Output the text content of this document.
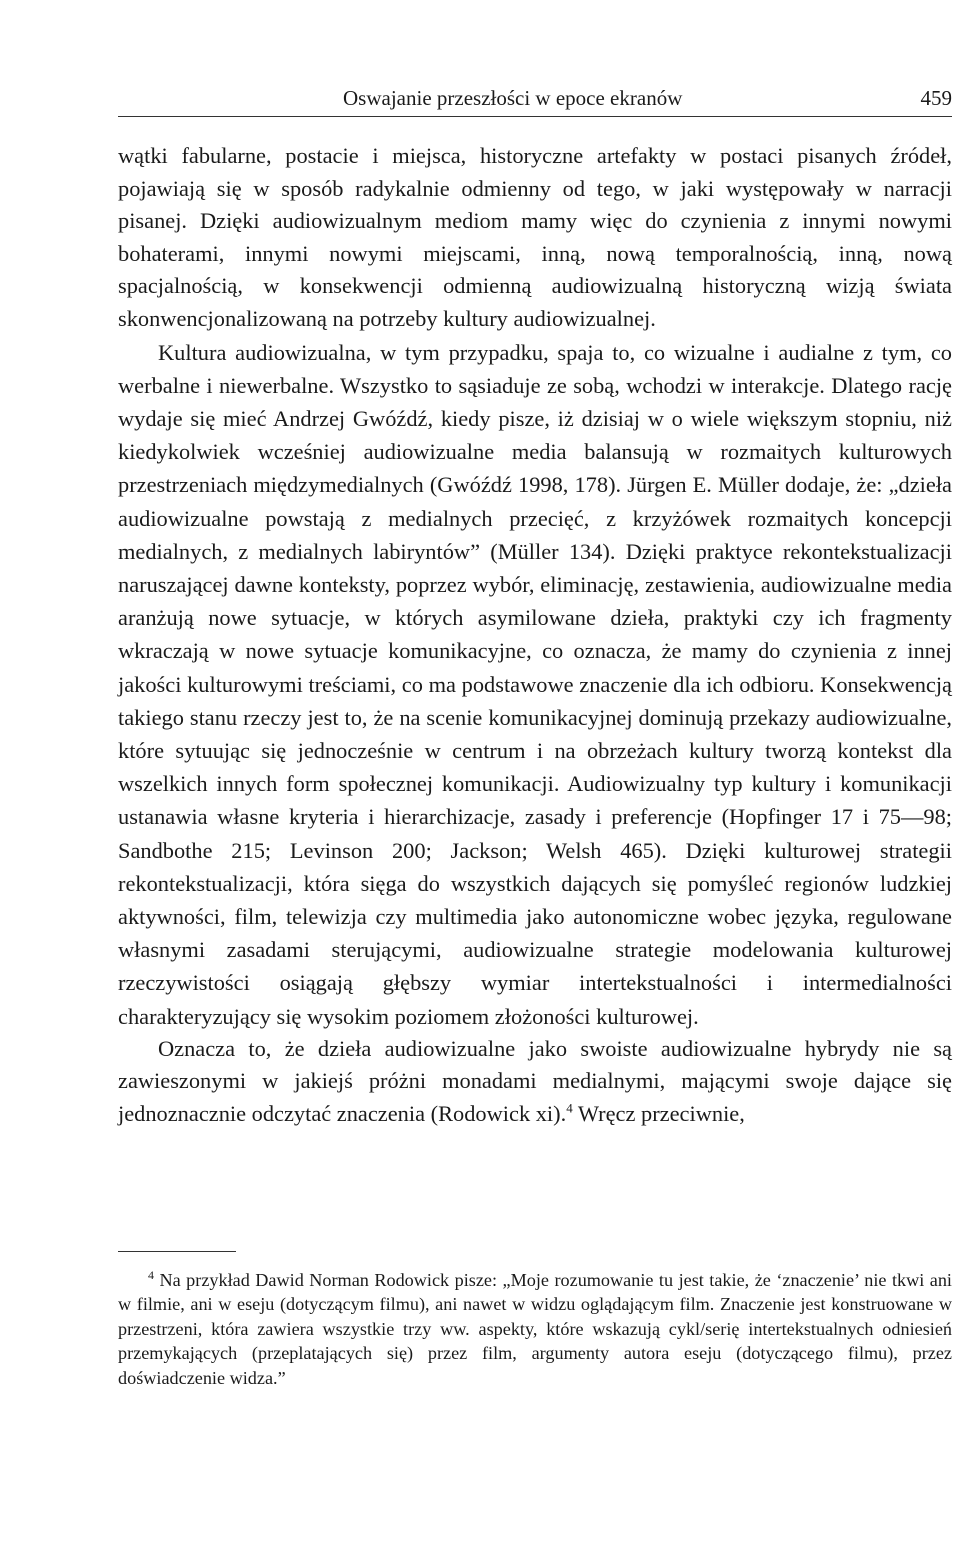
Oswajanie przeszłości w epoce ekranów	459

wątki fabularne, postacie i miejsca, historyczne artefakty w postaci pisanych źródeł, pojawiają się w sposób radykalnie odmienny od tego, w jaki występowały w narracji pisanej. Dzięki audiowizualnym mediom mamy więc do czynienia z innymi nowymi bohaterami, innymi nowymi miejscami, inną, nową temporalnością, inną, nową spacjalnością, w konsekwencji odmienną audiowizualną historyczną wizją świata skonwencjonalizowaną na potrzeby kultury audiowizualnej.

Kultura audiowizualna, w tym przypadku, spaja to, co wizualne i audialne z tym, co werbalne i niewerbalne. Wszystko to sąsiaduje ze sobą, wchodzi w interakcje. Dlatego rację wydaje się mieć Andrzej Gwóźdź, kiedy pisze, iż dzisiaj w o wiele większym stopniu, niż kiedykolwiek wcześniej audiowizualne media balansują w rozmaitych kulturowych przestrzeniach międzymedialnych (Gwóźdź 1998, 178). Jürgen E. Müller dodaje, że: „dzieła audiowizualne powstają z medialnych przecięć, z krzyżówek rozmaitych koncepcji medialnych, z medialnych labiryntów” (Müller 134). Dzięki praktyce rekontekstualizacji naruszającej dawne konteksty, poprzez wybór, eliminację, zestawienia, audiowizualne media aranżują nowe sytuacje, w których asymilowane dzieła, praktyki czy ich fragmenty wkraczają w nowe sytuacje komunikacyjne, co oznacza, że mamy do czynienia z innej jakości kulturowymi treściami, co ma podstawowe znaczenie dla ich odbioru. Konsekwencją takiego stanu rzeczy jest to, że na scenie komunikacyjnej dominują przekazy audiowizualne, które sytuując się jednocześnie w centrum i na obrzeżach kultury tworzą kontekst dla wszelkich innych form społecznej komunikacji. Audiowizualny typ kultury i komunikacji ustanawia własne kryteria i hierarchizacje, zasady i preferencje (Hopfinger 17 i 75—98; Sandbothe 215; Levinson 200; Jackson; Welsh 465). Dzięki kulturowej strategii rekontekstualizacji, która sięga do wszystkich dających się pomyśleć regionów ludzkiej aktywności, film, telewizja czy multimedia jako autonomiczne wobec języka, regulowane własnymi zasadami sterującymi, audiowizualne strategie modelowania kulturowej rzeczywistości osiągają głębszy wymiar intertekstualności i intermedialności charakteryzujący się wysokim poziomem złożoności kulturowej.

Oznacza to, że dzieła audiowizualne jako swoiste audiowizualne hybrydy nie są zawieszonymi w jakiejś próżni monadami medialnymi, mającymi swoje dające się jednoznacznie odczytać znaczenia (Rodowick xi).$^4$ Wręcz przeciwnie,

$^4$ Na przykład Dawid Norman Rodowick pisze: „Moje rozumowanie tu jest takie, że ‘znaczenie’ nie tkwi ani w filmie, ani w eseju (dotyczącym filmu), ani nawet w widzu oglądającym film. Znaczenie jest konstruowane w przestrzeni, która zawiera wszystkie trzy ww. aspekty, które wskazują cykl/serię intertekstualnych odniesień przemykających (przeplatających się) przez film, argumenty autora eseju (dotyczącego filmu), przez doświadczenie widza.”
